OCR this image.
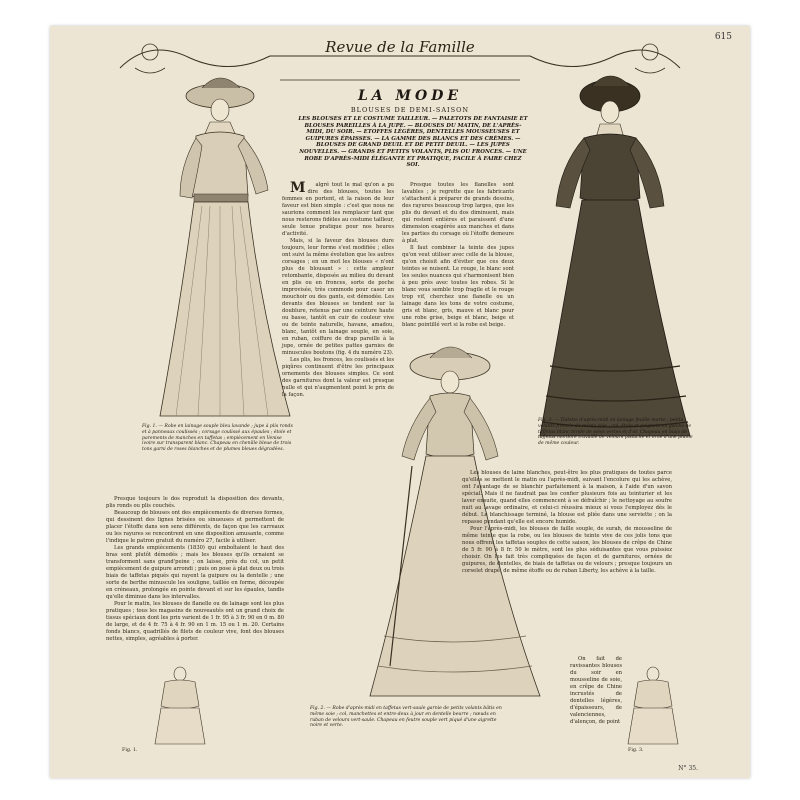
615
Revue de la Famille
LA MODE
BLOUSES DE DEMI-SAISON
LES BLOUSES ET LE COSTUME TAILLEUR. — PALETOTS DE FANTAISIE ET BLOUSES PAREILLES À LA JUPE. — BLOUSES DU MATIN, DE L'APRÈS-MIDI, DU SOIR. — ETOFFES LÉGÈRES, DENTELLES MOUSSEUSES ET GUIPURES ÉPAISSES. — LA GAMME DES BLANCS ET DES CRÈMES. — BLOUSES DE GRAND DEUIL ET DE PETIT DEUIL. — LES JUPES NOUVELLES. — GRANDS ET PETITS VOLANTS, PLIS OU FRONCES. — UNE ROBE D'APRÈS-MIDI ÉLÉGANTE ET PRATIQUE, FACILE À FAIRE CHEZ SOI.
Fig. 1. — Robe en lainage souple bleu lavande ; jupe à plis ronds et à panneaux coulissés ; corsage coulissé aux épaules ; étole et parements de manches en taffetas ; empiècement en Venise ivoire sur transparent blanc. Chapeau en chenille bleue de trois tons garni de roses blanches et de plumes bleues dégradées.
Fig. 3. — Toilette d'après-midi en lainage feuille morte ; petits volants froncés de même soie ; col, étole et poignets en galons de taffetas blanc brodé de soies vertes et d'or. Chapeau en biais de taffetas mordoré travaillé de velours pistache et orné d'une plume de même couleur.
Fig. 2. — Robe d'après-midi en taffetas vert-saule garnie de petits volants bâtis en même soie ; col, manchettes et entre-deux à jour en dentelle beurre ; nœuds en ruban de velours vert-saule. Chapeau en feutre souple vert piqué d'une aigrette noire et verte.
Fig. 1.	Fig. 3.

M algré tout le mal qu'on a pu dire des blouses, toutes les femmes en portent, et la raison de leur faveur est bien simple : c'est que nous ne saurions comment les remplacer tant que nous resterons fidèles au costume tailleur, seule tenue pratique pour nos heures d'activité.

Mais, si la faveur des blouses dure toujours, leur forme s'est modifiée ; elles ont suivi la même évolution que les autres corsages ; en un mot les blouses « n'ont plus de blousant » : cette ampleur retombante, disposée au milieu du devant en plis ou en fronces, sorte de poche improvisée, très commode pour caser un mouchoir ou des gants, est démodée. Les devants des blouses se tendent sur la doublure, retenus par une ceinture haute ou basse, tantôt en cuir de couleur vive ou de teinte naturelle, havane, amadou, blanc, tantôt en lainage souple, en soie, en ruban, coiffure de drap pareille à la jupe, ornée de petites pattes garnies de minuscules boutons (fig. 4 du numéro 23).

Les plis, les fronces, les coulissés et les piqûres continuent d'être les principaux ornements des blouses simples. Ce sont des garnitures dont la valeur est presque nulle et qui n'augmentent point le prix de la façon.

Presque toutes les flanelles sont lavables ; je regrette que les fabricants s'attachent à préparer de grands dessins, des rayures beaucoup trop larges, que les plis du devant et du dos diminuent, mais qui restent entières et paraissent d'une dimension exagérée aux manches et dans les parties du corsage où l'étoffe demeure à plat.

Il faut combiner la teinte des jupes qu'on veut utiliser avec celle de la blouse, qu'on choisit afin d'éviter que ces deux teintes se nuisent. Le rouge, le blanc sont les seules nuances qui s'harmonisent bien à peu près avec toutes les robes. Si le blanc vous semble trop fragile et le rouge trop vif, cherchez une flanelle ou un lainage dans les tons de votre costume, gris et blanc, gris, mauve et blanc pour une robe grise, beige et blanc, beige et blanc pointillé vert si la robe est beige.

Presque toujours le dos reproduit la disposition des devants, plis ronds ou plis couchés.

Beaucoup de blouses ont des empiècements de diverses formes, qui dessinent des lignes brisées ou sinueuses et permettent de placer l'étoffe dans son sens différents, de façon que les carreaux ou les rayures se rencontrent en une disposition amusante, comme l'indique le patron gratuit du numéro 27, facile à utiliser.

Les grands empiècements (1830) qui emboîtaient le haut des bras sont plutôt démodés ; mais les blouses qu'ils ornaient se transforment sans grand'peine ; on laisse, près du col, un petit empiècement de guipure arrondi ; puis on pose à plat deux ou trois biais de taffetas piqués qui rayent la guipure ou la dentelle ; une sorte de berthe minuscule les souligne, taillée en forme, découpée en créneaux, prolongée en pointe devant et sur les épaules, tandis qu'elle diminue dans les intervalles.

Pour le matin, les blouses de flanelle ou de lainage sont les plus pratiques ; tous les magasins de nouveautés ont un grand choix de tissus spéciaux dont les prix varient de 1 fr. 95 à 3 fr. 90 en 0 m. 80 de large, et de 4 fr. 75 à 4 fr. 90 en 1 m. 15 ou 1 m. 20. Certains fonds blancs, quadrillés de filets de couleur vive, font des blouses nettes, simples, agréables à porter.

Les blouses de laine blanches, peut-être les plus pratiques de toutes parce qu'elles se mettent le matin ou l'après-midi, suivant l'encolure qui les achève, ont l'avantage de se blanchir parfaitement à la maison, à l'aide d'un savon spécial. Mais il ne faudrait pas les confier plusieurs fois au teinturier et les laver ensuite, quand elles commencent à se défraîchir ; le nettoyage au soufre nuit au lavage ordinaire, et celui-ci réussira mieux si vous l'employez dès le début. Le blanchissage terminé, la blouse est pliée dans une serviette ; on la repasse pendant qu'elle est encore humide.

Pour l'après-midi, les blouses de faille souple, de surah, de mousseline de même teinte que la robe, ou les blouses de teinte vive de ces jolis tons que nous offrent les taffetas souples de cette saison, les blouses de crêpe de Chine de 5 fr. 90 à 8 fr. 50 le mètre, sont les plus séduisantes que vous puissiez choisir. On les fait très compliquées de façon et de garnitures, ornées de guipures, de dentelles, de biais de taffetas ou de velours ; presque toujours un corselet drapé, de même étoffe ou de ruban Liberty, les achève à la taille.

On fait de ravissantes blouses du soir en mousseline de soie, en crêpe de Chine incrustés de dentelles légères, d'épaisseurs, de valenciennes, d'alençon, de point

N° 35.
